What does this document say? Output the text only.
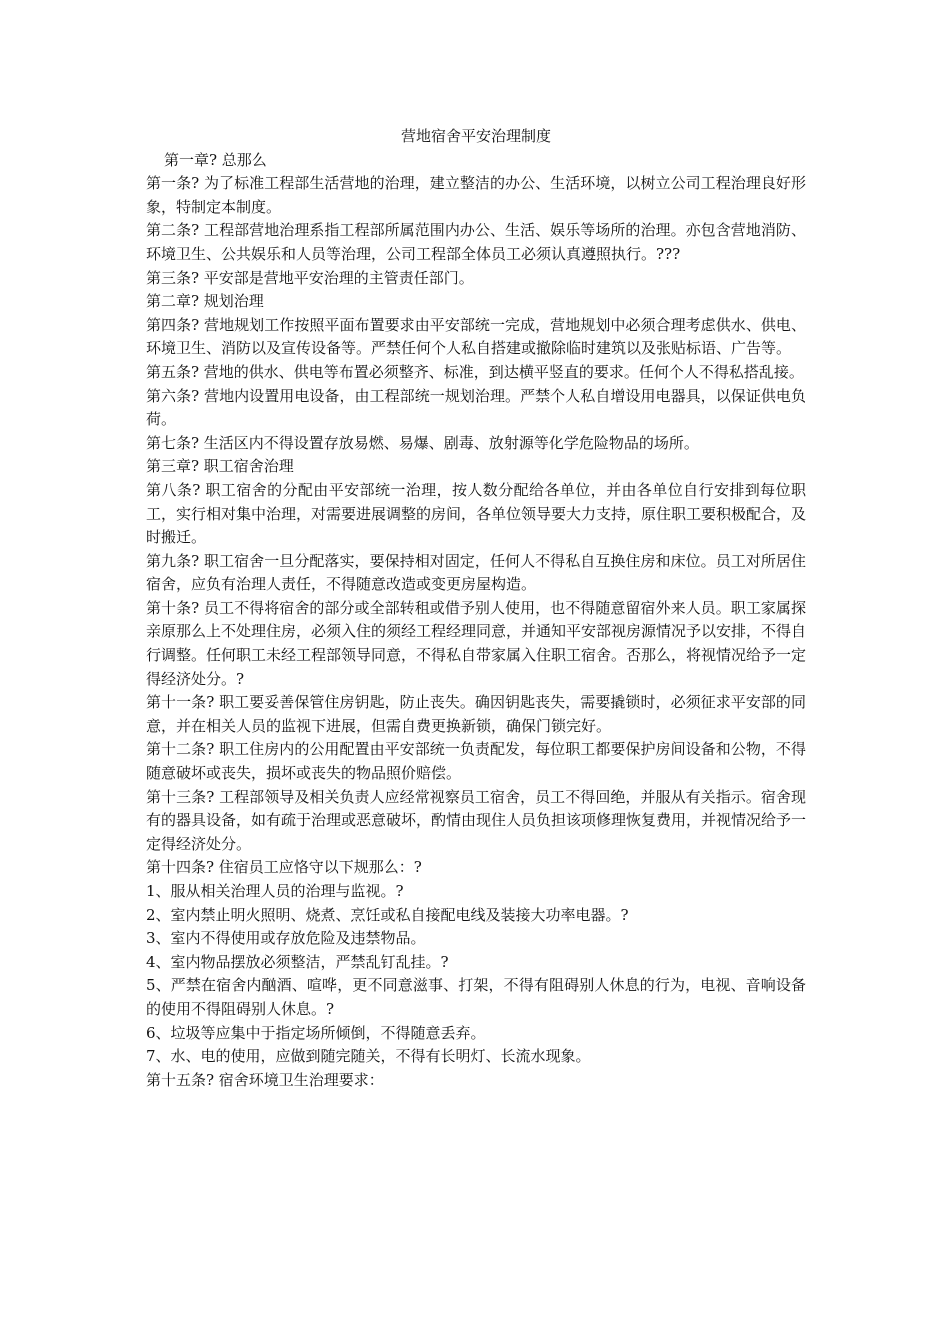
营地宿舍平安治理制度

第一章? 总那么

第一条? 为了标准工程部生活营地的治理，建立整洁的办公、生活环境，以树立公司工程治理良好形象，特制定本制度。

第二条? 工程部营地治理系指工程部所属范围内办公、生活、娱乐等场所的治理。亦包含营地消防、环境卫生、公共娱乐和人员等治理，公司工程部全体员工必须认真遵照执行。???

第三条? 平安部是营地平安治理的主管责任部门。

第二章? 规划治理

第四条? 营地规划工作按照平面布置要求由平安部统一完成，营地规划中必须合理考虑供水、供电、环境卫生、消防以及宣传设备等。严禁任何个人私自搭建或撤除临时建筑以及张贴标语、广告等。

第五条? 营地的供水、供电等布置必须整齐、标准，到达横平竖直的要求。任何个人不得私搭乱接。

第六条? 营地内设置用电设备，由工程部统一规划治理。严禁个人私自增设用电器具，以保证供电负荷。

第七条? 生活区内不得设置存放易燃、易爆、剧毒、放射源等化学危险物品的场所。

第三章? 职工宿舍治理

第八条? 职工宿舍的分配由平安部统一治理，按人数分配给各单位，并由各单位自行安排到每位职工，实行相对集中治理，对需要进展调整的房间，各单位领导要大力支持，原住职工要积极配合，及时搬迁。

第九条? 职工宿舍一旦分配落实，要保持相对固定，任何人不得私自互换住房和床位。员工对所居住宿舍，应负有治理人责任，不得随意改造或变更房屋构造。

第十条? 员工不得将宿舍的部分或全部转租或借予别人使用，也不得随意留宿外来人员。职工家属探亲原那么上不处理住房，必须入住的须经工程经理同意，并通知平安部视房源情况予以安排，不得自行调整。任何职工未经工程部领导同意，不得私自带家属入住职工宿舍。否那么，将视情况给予一定得经济处分。?

第十一条? 职工要妥善保管住房钥匙，防止丧失。确因钥匙丧失，需要撬锁时，必须征求平安部的同意，并在相关人员的监视下进展，但需自费更换新锁，确保门锁完好。

第十二条? 职工住房内的公用配置由平安部统一负责配发，每位职工都要保护房间设备和公物，不得随意破坏或丧失，损坏或丧失的物品照价赔偿。

第十三条? 工程部领导及相关负责人应经常视察员工宿舍，员工不得回绝，并服从有关指示。宿舍现有的器具设备，如有疏于治理或恶意破坏，酌情由现住人员负担该项修理恢复费用，并视情况给予一定得经济处分。

第十四条? 住宿员工应恪守以下规那么：?

1、服从相关治理人员的治理与监视。?

2、室内禁止明火照明、烧煮、烹饪或私自接配电线及装接大功率电器。?

3、室内不得使用或存放危险及违禁物品。

4、室内物品摆放必须整洁，严禁乱钉乱挂。?

5、严禁在宿舍内酗酒、喧哗，更不同意滋事、打架，不得有阻碍别人休息的行为，电视、音响设备的使用不得阻碍别人休息。?

6、垃圾等应集中于指定场所倾倒，不得随意丢弃。

7、水、电的使用，应做到随完随关，不得有长明灯、长流水现象。

第十五条? 宿舍环境卫生治理要求：
